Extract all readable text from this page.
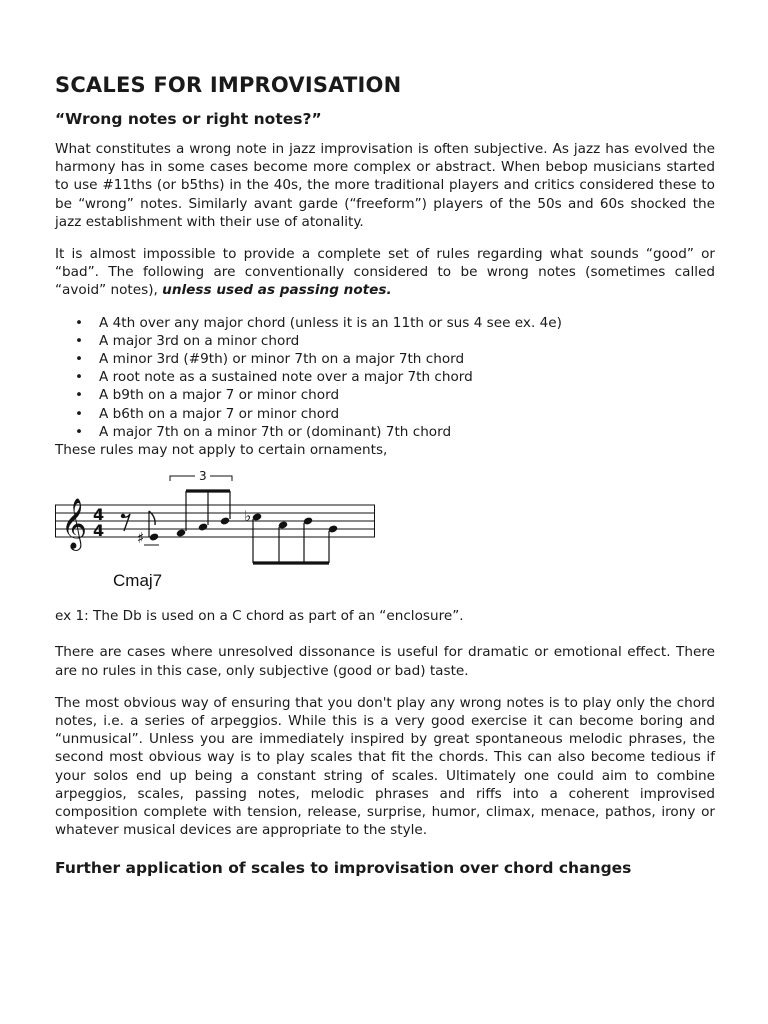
SCALES FOR IMPROVISATION
“Wrong notes or right notes?”

What constitutes a wrong note in jazz improvisation is often subjective. As jazz has evolved the harmony has in some cases become more complex or abstract. When bebop musicians started to use #11ths (or b5ths) in the 40s, the more traditional players and critics considered these to be “wrong” notes. Similarly avant garde (“freeform”) players of the 50s and 60s shocked the jazz establishment with their use of atonality.

It is almost impossible to provide a complete set of rules regarding what sounds “good” or “bad”. The following are conventionally considered to be wrong notes (sometimes called “avoid” notes), unless used as passing notes.

• A 4th over any major chord (unless it is an 11th or sus 4 see ex. 4e)
• A major 3rd on a minor chord
• A minor 3rd (#9th) or minor 7th on a major 7th chord
• A root note as a sustained note over a major 7th chord
• A b9th on a major 7 or minor chord
• A b6th on a major 7 or minor chord
• A major 7th on a minor 7th or (dominant) 7th chord

These rules may not apply to certain ornaments,

𝄞 4
4 ♯
3
♭
Cmaj7

ex 1: The Db is used on a C chord as part of an “enclosure”.

There are cases where unresolved dissonance is useful for dramatic or emotional effect. There are no rules in this case, only subjective (good or bad) taste.

The most obvious way of ensuring that you don't play any wrong notes is to play only the chord notes, i.e. a series of arpeggios. While this is a very good exercise it can become boring and “unmusical”. Unless you are immediately inspired by great spontaneous melodic phrases, the second most obvious way is to play scales that fit the chords. This can also become tedious if your solos end up being a constant string of scales. Ultimately one could aim to combine arpeggios, scales, passing notes, melodic phrases and riffs into a coherent improvised composition complete with tension, release, surprise, humor, climax, menace, pathos, irony or whatever musical devices are appropriate to the style.

Further application of scales to improvisation over chord changes
